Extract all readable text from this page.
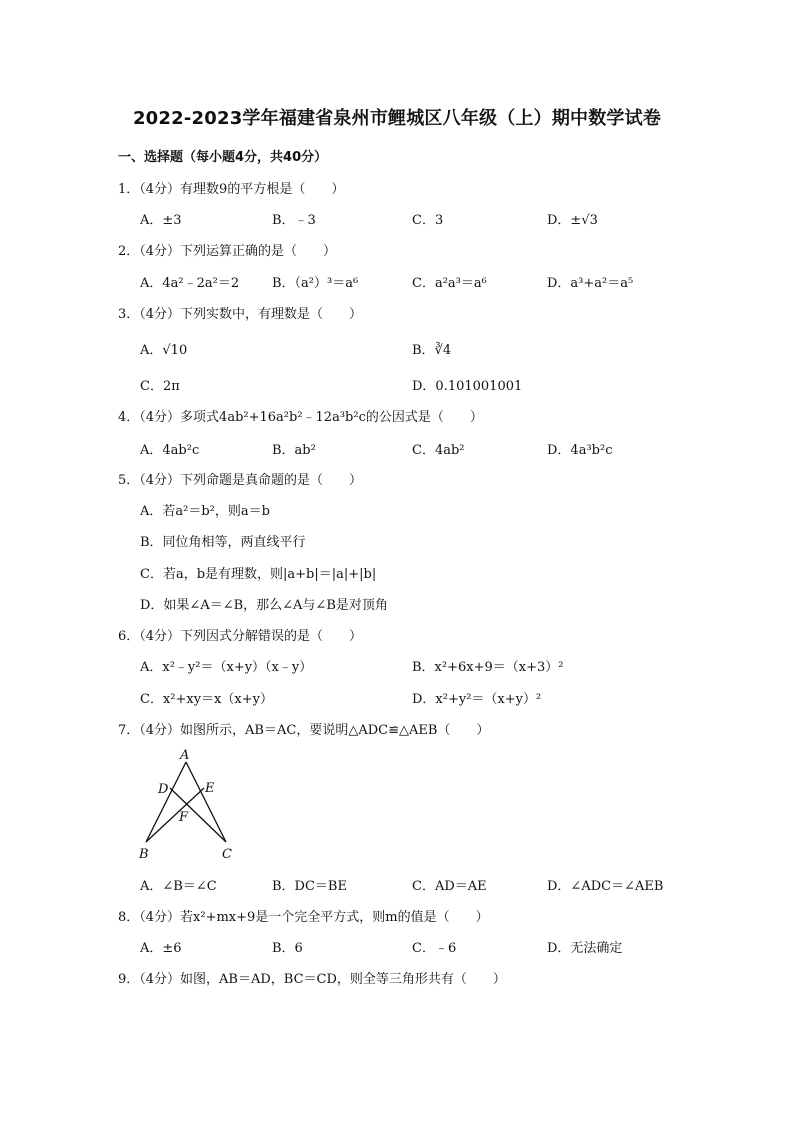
2022-2023学年福建省泉州市鲤城区八年级（上）期中数学试卷
一、选择题（每小题4分，共40分）
1．（4分）有理数9的平方根是（　　）
A．±3	B．﹣3	C．3	D．±√3
2．（4分）下列运算正确的是（　　）
A．4a²﹣2a²＝2	B．（a²）³＝a⁶	C．a²a³＝a⁶	D．a³+a²＝a⁵
3．（4分）下列实数中，有理数是（　　）
A．√10	B．∛4
C．2π	D．0.101001001
4．（4分）多项式4ab²+16a²b²﹣12a³b²c的公因式是（　　）
A．4ab²c	B．ab²	C．4ab²	D．4a³b²c
5．（4分）下列命题是真命题的是（　　）
A．若a²＝b²，则a＝b
B．同位角相等，两直线平行
C．若a，b是有理数，则|a+b|＝|a|+|b|
D．如果∠A＝∠B，那么∠A与∠B是对顶角
6．（4分）下列因式分解错误的是（　　）
A．x²﹣y²＝（x+y）（x﹣y）	B．x²+6x+9＝（x+3）²
C．x²+xy＝x（x+y）	D．x²+y²＝（x+y）²
7．（4分）如图所示，AB＝AC，要说明△ADC≌△AEB（　　）
A
D	E
F
B	C
A．∠B＝∠C	B．DC＝BE	C．AD＝AE	D．∠ADC＝∠AEB
8．（4分）若x²+mx+9是一个完全平方式，则m的值是（　　）
A．±6	B．6	C．﹣6	D．无法确定
9．（4分）如图，AB＝AD，BC＝CD，则全等三角形共有（　　）
